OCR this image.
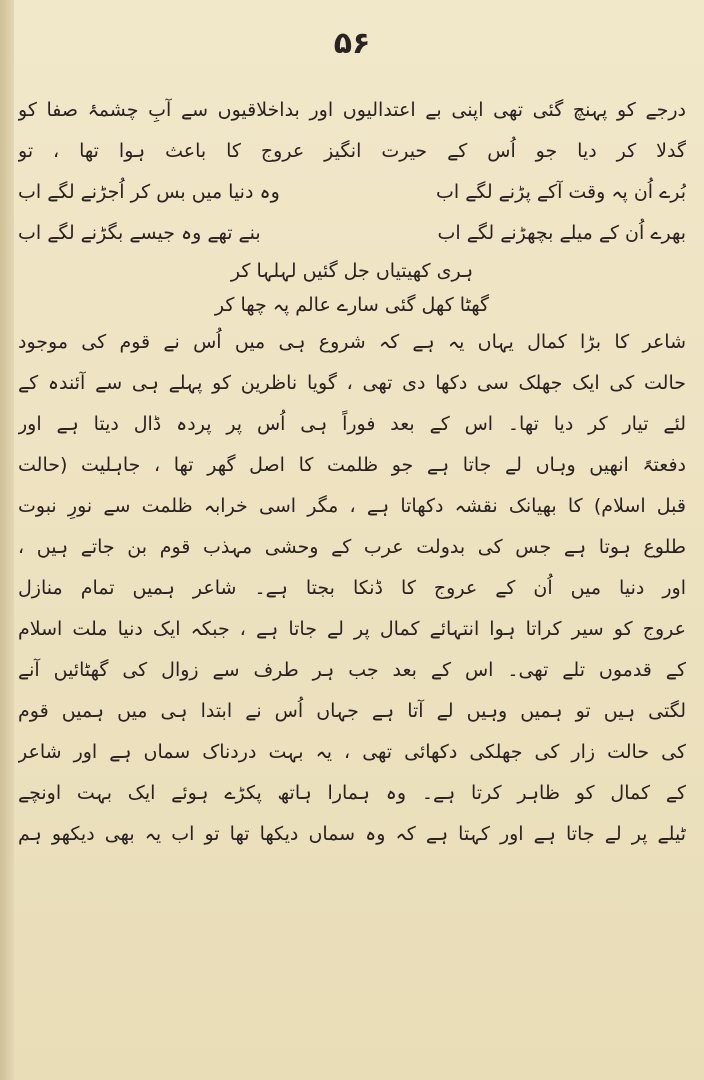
۵۶
درجے کو پہنچ گئی تھی اپنی بے اعتدالیوں اور بداخلاقیوں سے آبِ چشمۂ صفا کو
گدلا کر دیا جو اُس کے حیرت انگیز عروج کا باعث ہوا تھا ، تو
بُرے اُن پہ وقت آکے پڑنے لگے اب
وہ دنیا میں بس کر اُجڑنے لگے اب
بھرے اُن کے میلے بچھڑنے لگے اب
بنے تھے وہ جیسے بگڑنے لگے اب
ہری کھیتیاں جل گئیں لہلہا کر
گھٹا کھل گئی سارے عالم پہ چھا کر
شاعر کا بڑا کمال یہاں یہ ہے کہ شروع ہی میں اُس نے قوم کی موجود
حالت کی ایک جھلک سی دکھا دی تھی ، گویا ناظرین کو پہلے ہی سے آئندہ کے
لئے تیار کر دیا تھا۔ اس کے بعد فوراً ہی اُس پر پردہ ڈال دیتا ہے اور
دفعتہً انھیں وہاں لے جاتا ہے جو ظلمت کا اصل گھر تھا ، جاہلیت (حالت
قبل اسلام) کا بھیانک نقشہ دکھاتا ہے ، مگر اسی خرابہ ظلمت سے نورِ نبوت
طلوع ہوتا ہے جس کی بدولت عرب کے وحشی مہذب قوم بن جاتے ہیں ،
اور دنیا میں اُن کے عروج کا ڈنکا بجتا ہے۔ شاعر ہمیں تمام منازل
عروج کو سیر کراتا ہوا انتہائے کمال پر لے جاتا ہے ، جبکہ ایک دنیا ملت اسلام
کے قدموں تلے تھی۔ اس کے بعد جب ہر طرف سے زوال کی گھٹائیں آنے
لگتی ہیں تو ہمیں وہیں لے آتا ہے جہاں اُس نے ابتدا ہی میں ہمیں قوم
کی حالت زار کی جھلکی دکھائی تھی ، یہ بہت دردناک سماں ہے اور شاعر
کے کمال کو ظاہر کرتا ہے۔ وہ ہمارا ہاتھ پکڑے ہوئے ایک بہت اونچے
ٹیلے پر لے جاتا ہے اور کہتا ہے کہ وہ سماں دیکھا تھا تو اب یہ بھی دیکھو ہم
